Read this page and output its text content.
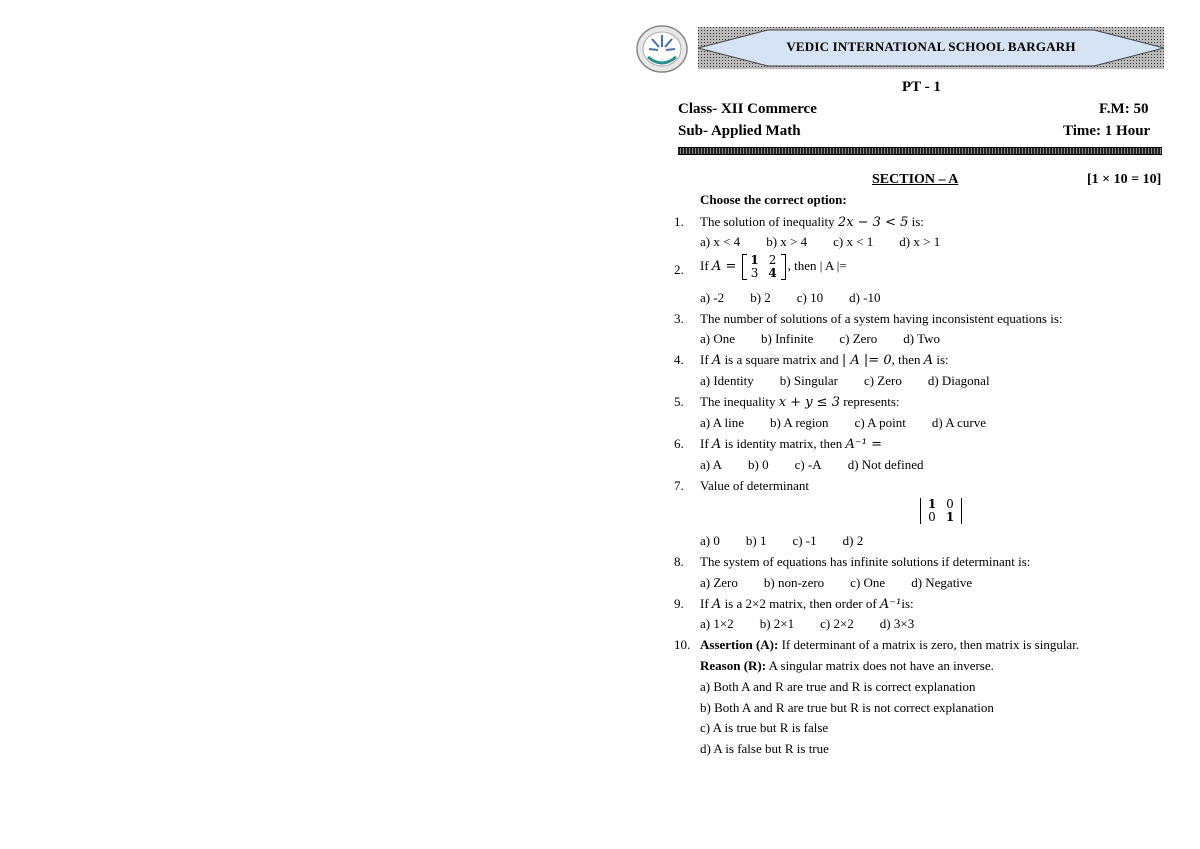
VEDIC INTERNATIONAL SCHOOL BARGARH
PT - 1
Class- XII Commerce	F.M: 50
Sub- Applied Math	Time: 1 Hour
SECTION – A	[1 × 10 = 10]
Choose the correct option:
1. The solution of inequality 2x − 3 < 5 is:
a) x < 4 b) x > 4 c) x < 1 d) x > 1
2. If A = 1 2
3 4
, then | A |=
a) -2 b) 2 c) 10 d) -10
3. The number of solutions of a system having inconsistent equations is:
a) One b) Infinite c) Zero d) Two
4. If A is a square matrix and | A |= 0, then A is:
a) Identity b) Singular c) Zero d) Diagonal
5. The inequality x + y ≤ 3 represents:
a) A line b) A region c) A point d) A curve
6. If A is identity matrix, then A⁻¹ =
a) A b) 0 c) -A d) Not defined
7. Value of determinant
1 0
0 1
a) 0 b) 1 c) -1 d) 2
8. The system of equations has infinite solutions if determinant is:
a) Zero b) non-zero c) One d) Negative
9. If A is a 2×2 matrix, then order of A⁻¹is:
a) 1×2 b) 2×1 c) 2×2 d) 3×3
10. Assertion (A): If determinant of a matrix is zero, then matrix is singular.
Reason (R): A singular matrix does not have an inverse.
a) Both A and R are true and R is correct explanation
b) Both A and R are true but R is not correct explanation
c) A is true but R is false
d) A is false but R is true
